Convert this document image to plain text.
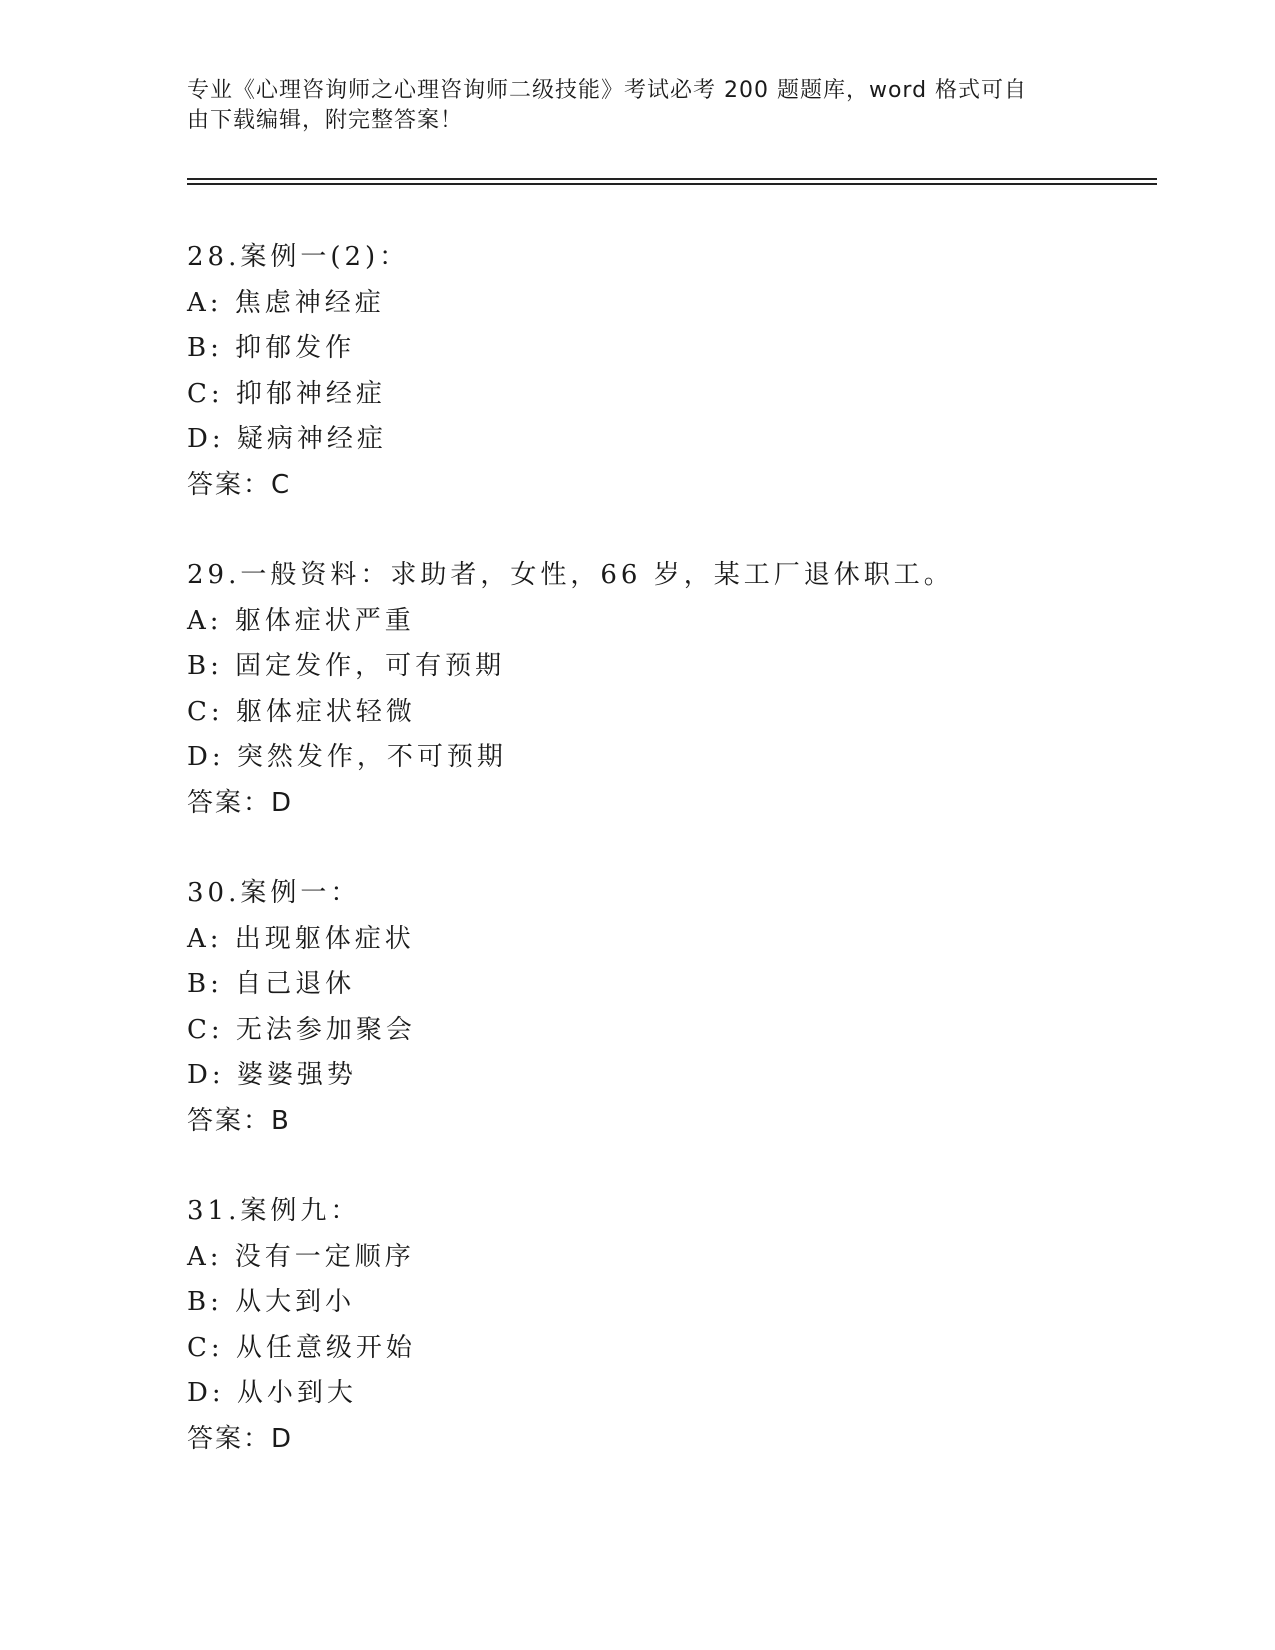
专业《心理咨询师之心理咨询师二级技能》考试必考 200 题题库，word 格式可自
由下载编辑，附完整答案！
28.案例一(2)：
A: 焦虑神经症
B: 抑郁发作
C: 抑郁神经症
D: 疑病神经症
答案：C
29.一般资料：求助者，女性，66 岁，某工厂退休职工。
A: 躯体症状严重
B: 固定发作，可有预期
C: 躯体症状轻微
D: 突然发作，不可预期
答案：D
30.案例一：
A: 出现躯体症状
B: 自己退休
C: 无法参加聚会
D: 婆婆强势
答案：B
31.案例九：
A: 没有一定顺序
B: 从大到小
C: 从任意级开始
D: 从小到大
答案：D
